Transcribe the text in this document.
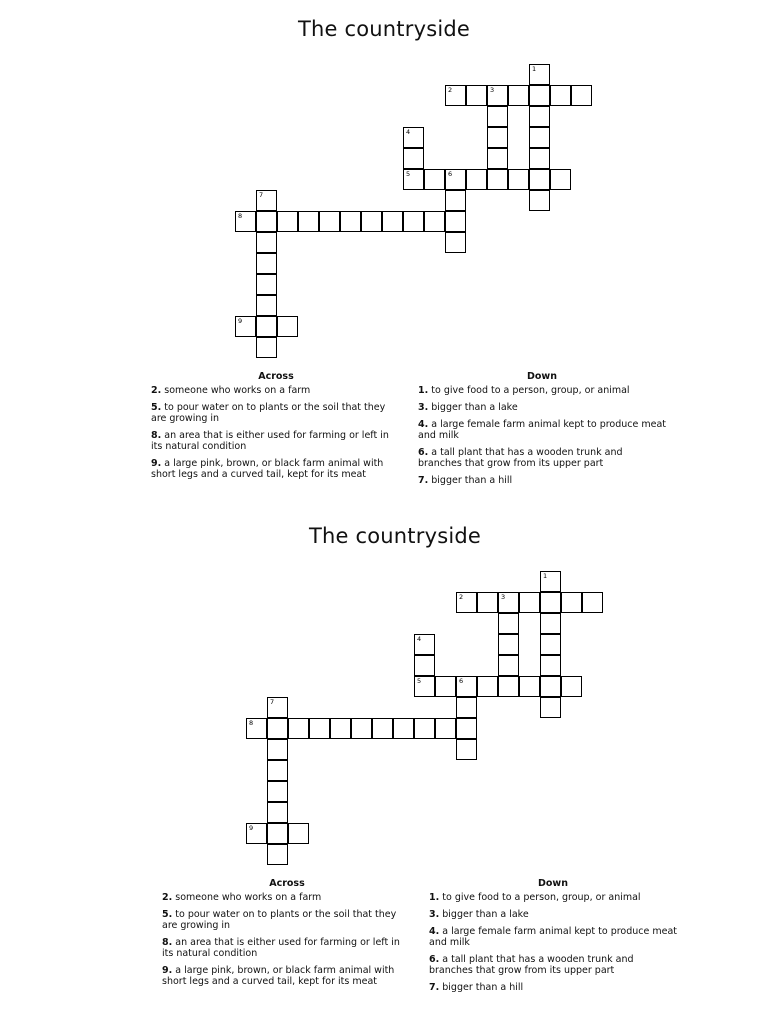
The countryside
1
2	3
4
5	6
7
8
9
Across
2. someone who works on a farm
5. to pour water on to plants or the soil that they are growing in
8. an area that is either used for farming or left in its natural condition
9. a large pink, brown, or black farm animal with short legs and a curved tail, kept for its meat
Down
1. to give food to a person, group, or animal
3. bigger than a lake
4. a large female farm animal kept to produce meat and milk
6. a tall plant that has a wooden trunk and branches that grow from its upper part
7. bigger than a hill
The countryside
1
2	3
4
5	6
7
8
9
Across
2. someone who works on a farm
5. to pour water on to plants or the soil that they are growing in
8. an area that is either used for farming or left in its natural condition
9. a large pink, brown, or black farm animal with short legs and a curved tail, kept for its meat
Down
1. to give food to a person, group, or animal
3. bigger than a lake
4. a large female farm animal kept to produce meat and milk
6. a tall plant that has a wooden trunk and branches that grow from its upper part
7. bigger than a hill
